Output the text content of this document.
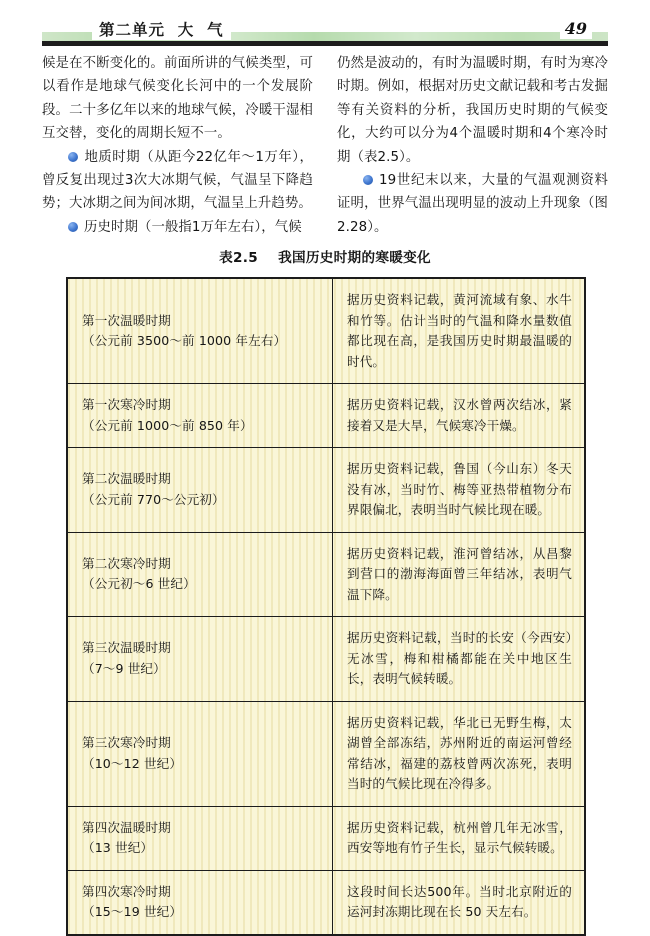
第二单元  大  气	49

候是在不断变化的。前面所讲的气候类型，可以看作是地球气候变化长河中的一个发展阶段。二十多亿年以来的地球气候，冷暖干湿相互交替，变化的周期长短不一。

地质时期（从距今22亿年～1万年），曾反复出现过3次大冰期气候，气温呈下降趋势；大冰期之间为间冰期，气温呈上升趋势。

历史时期（一般指1万年左右），气候

仍然是波动的，有时为温暖时期，有时为寒冷时期。例如，根据对历史文献记载和考古发掘等有关资料的分析，我国历史时期的气候变化，大约可以分为4个温暖时期和4个寒冷时期（表2.5）。

19世纪末以来，大量的气温观测资料证明，世界气温出现明显的波动上升现象（图2.28）。

表2.5    我国历史时期的寒暖变化
第一次温暖时期
（公元前 3500～前 1000 年左右）	据历史资料记载，黄河流域有象、水牛和竹等。估计当时的气温和降水量数值都比现在高，是我国历史时期最温暖的时代。

第一次寒冷时期
（公元前 1000～前 850 年）	据历史资料记载，汉水曾两次结冰，紧接着又是大旱，气候寒冷干燥。

第二次温暖时期
（公元前 770～公元初）	据历史资料记载，鲁国（今山东）冬天没有冰，当时竹、梅等亚热带植物分布界限偏北，表明当时气候比现在暖。

第二次寒冷时期
（公元初～6 世纪）	据历史资料记载，淮河曾结冰，从昌黎到营口的渤海海面曾三年结冰，表明气温下降。

第三次温暖时期
（7～9 世纪）	据历史资料记载，当时的长安（今西安）无冰雪，梅和柑橘都能在关中地区生长，表明气候转暖。

第三次寒冷时期
（10～12 世纪）	据历史资料记载，华北已无野生梅，太湖曾全部冻结，苏州附近的南运河曾经常结冰，福建的荔枝曾两次冻死，表明当时的气候比现在冷得多。

第四次温暖时期
（13 世纪）	据历史资料记载，杭州曾几年无冰雪，西安等地有竹子生长，显示气候转暖。

第四次寒冷时期
（15～19 世纪）	这段时间长达500年。当时北京附近的运河封冻期比现在长 50 天左右。
